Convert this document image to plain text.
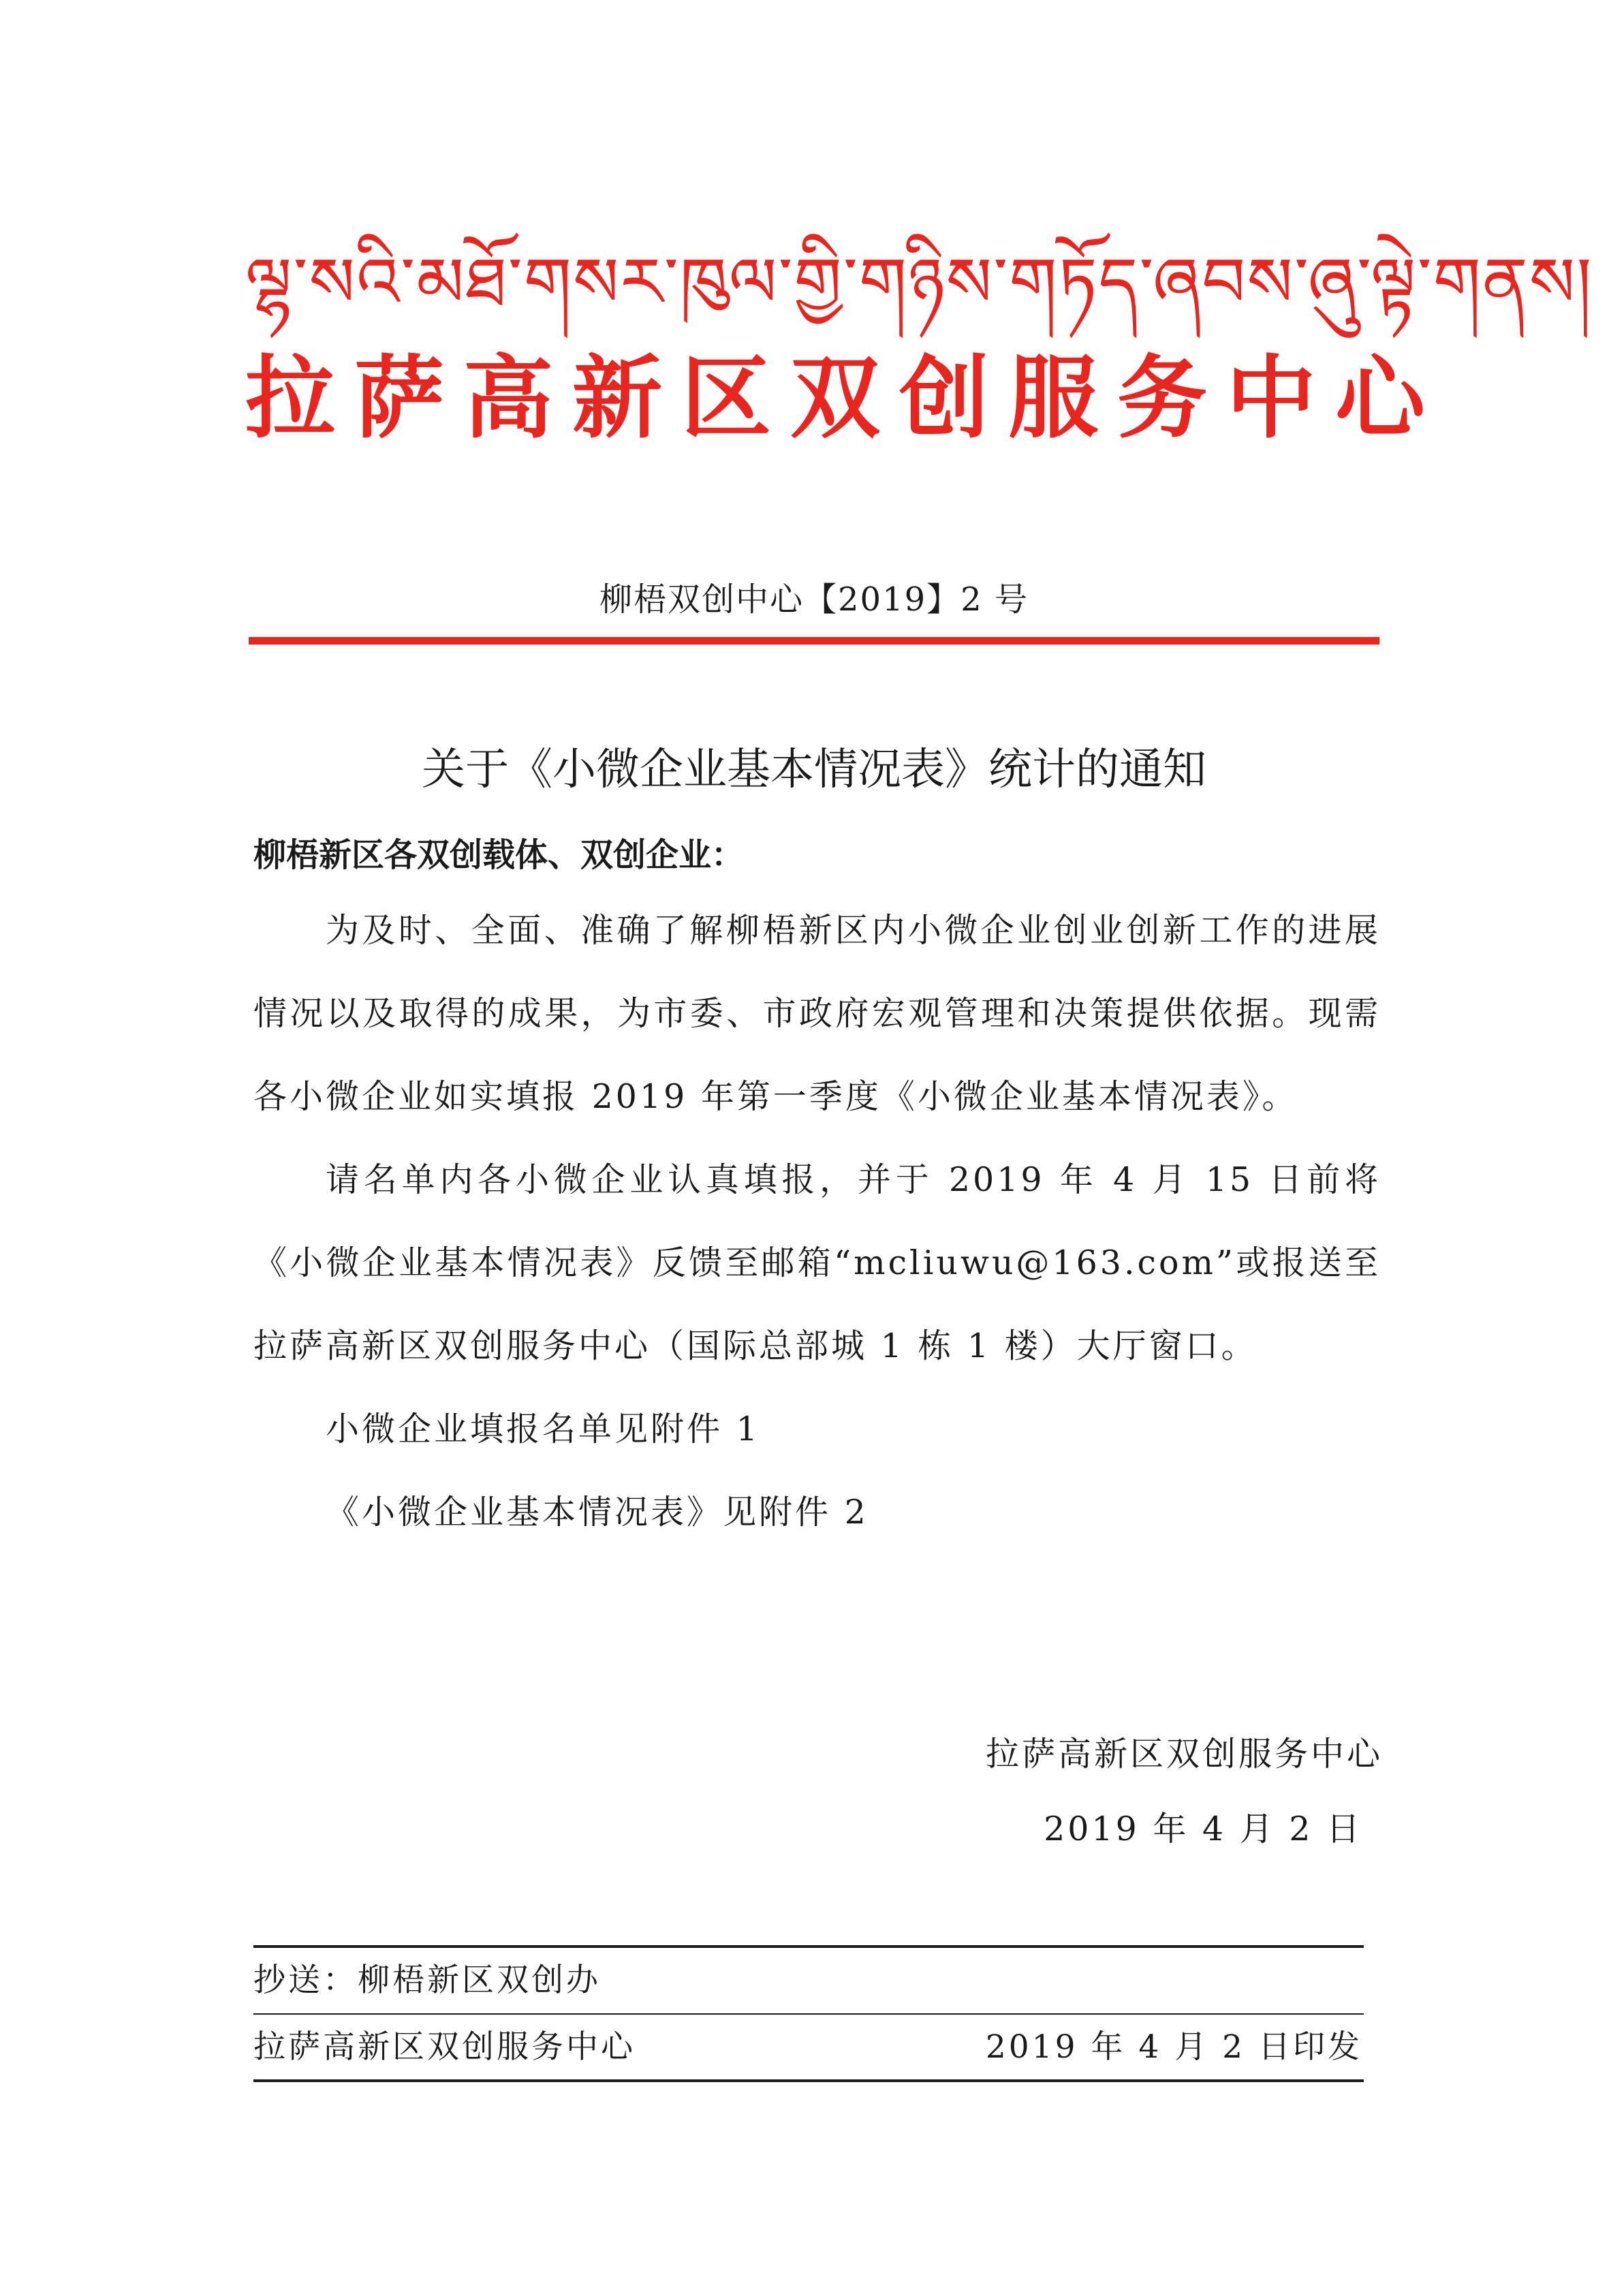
ལྷ་སའི་མཐོ་གསར་ཁུལ་གྱི་གཉིས་གཏོད་ཞབས་ཞུ་ལྟེ་གནས།
拉萨高新区双创服务中心
柳梧双创中心【2019】2 号
关于《小微企业基本情况表》统计的通知
柳梧新区各双创载体、双创企业：
为及时、全面、准确了解柳梧新区内小微企业创业创新工作的进展情况以及取得的成果，为市委、市政府宏观管理和决策提供依据。现需各小微企业如实填报 2019 年第一季度《小微企业基本情况表》。
请名单内各小微企业认真填报，并于 2019 年 4 月 15 日前将《小微企业基本情况表》反馈至邮箱“mcliuwu@163.com”或报送至拉萨高新区双创服务中心（国际总部城 1 栋 1 楼）大厅窗口。
小微企业填报名单见附件 1
《小微企业基本情况表》见附件 2
拉萨高新区双创服务中心
2019 年 4 月 2 日
抄送：柳梧新区双创办
拉萨高新区双创服务中心	2019 年 4 月 2 日印发
